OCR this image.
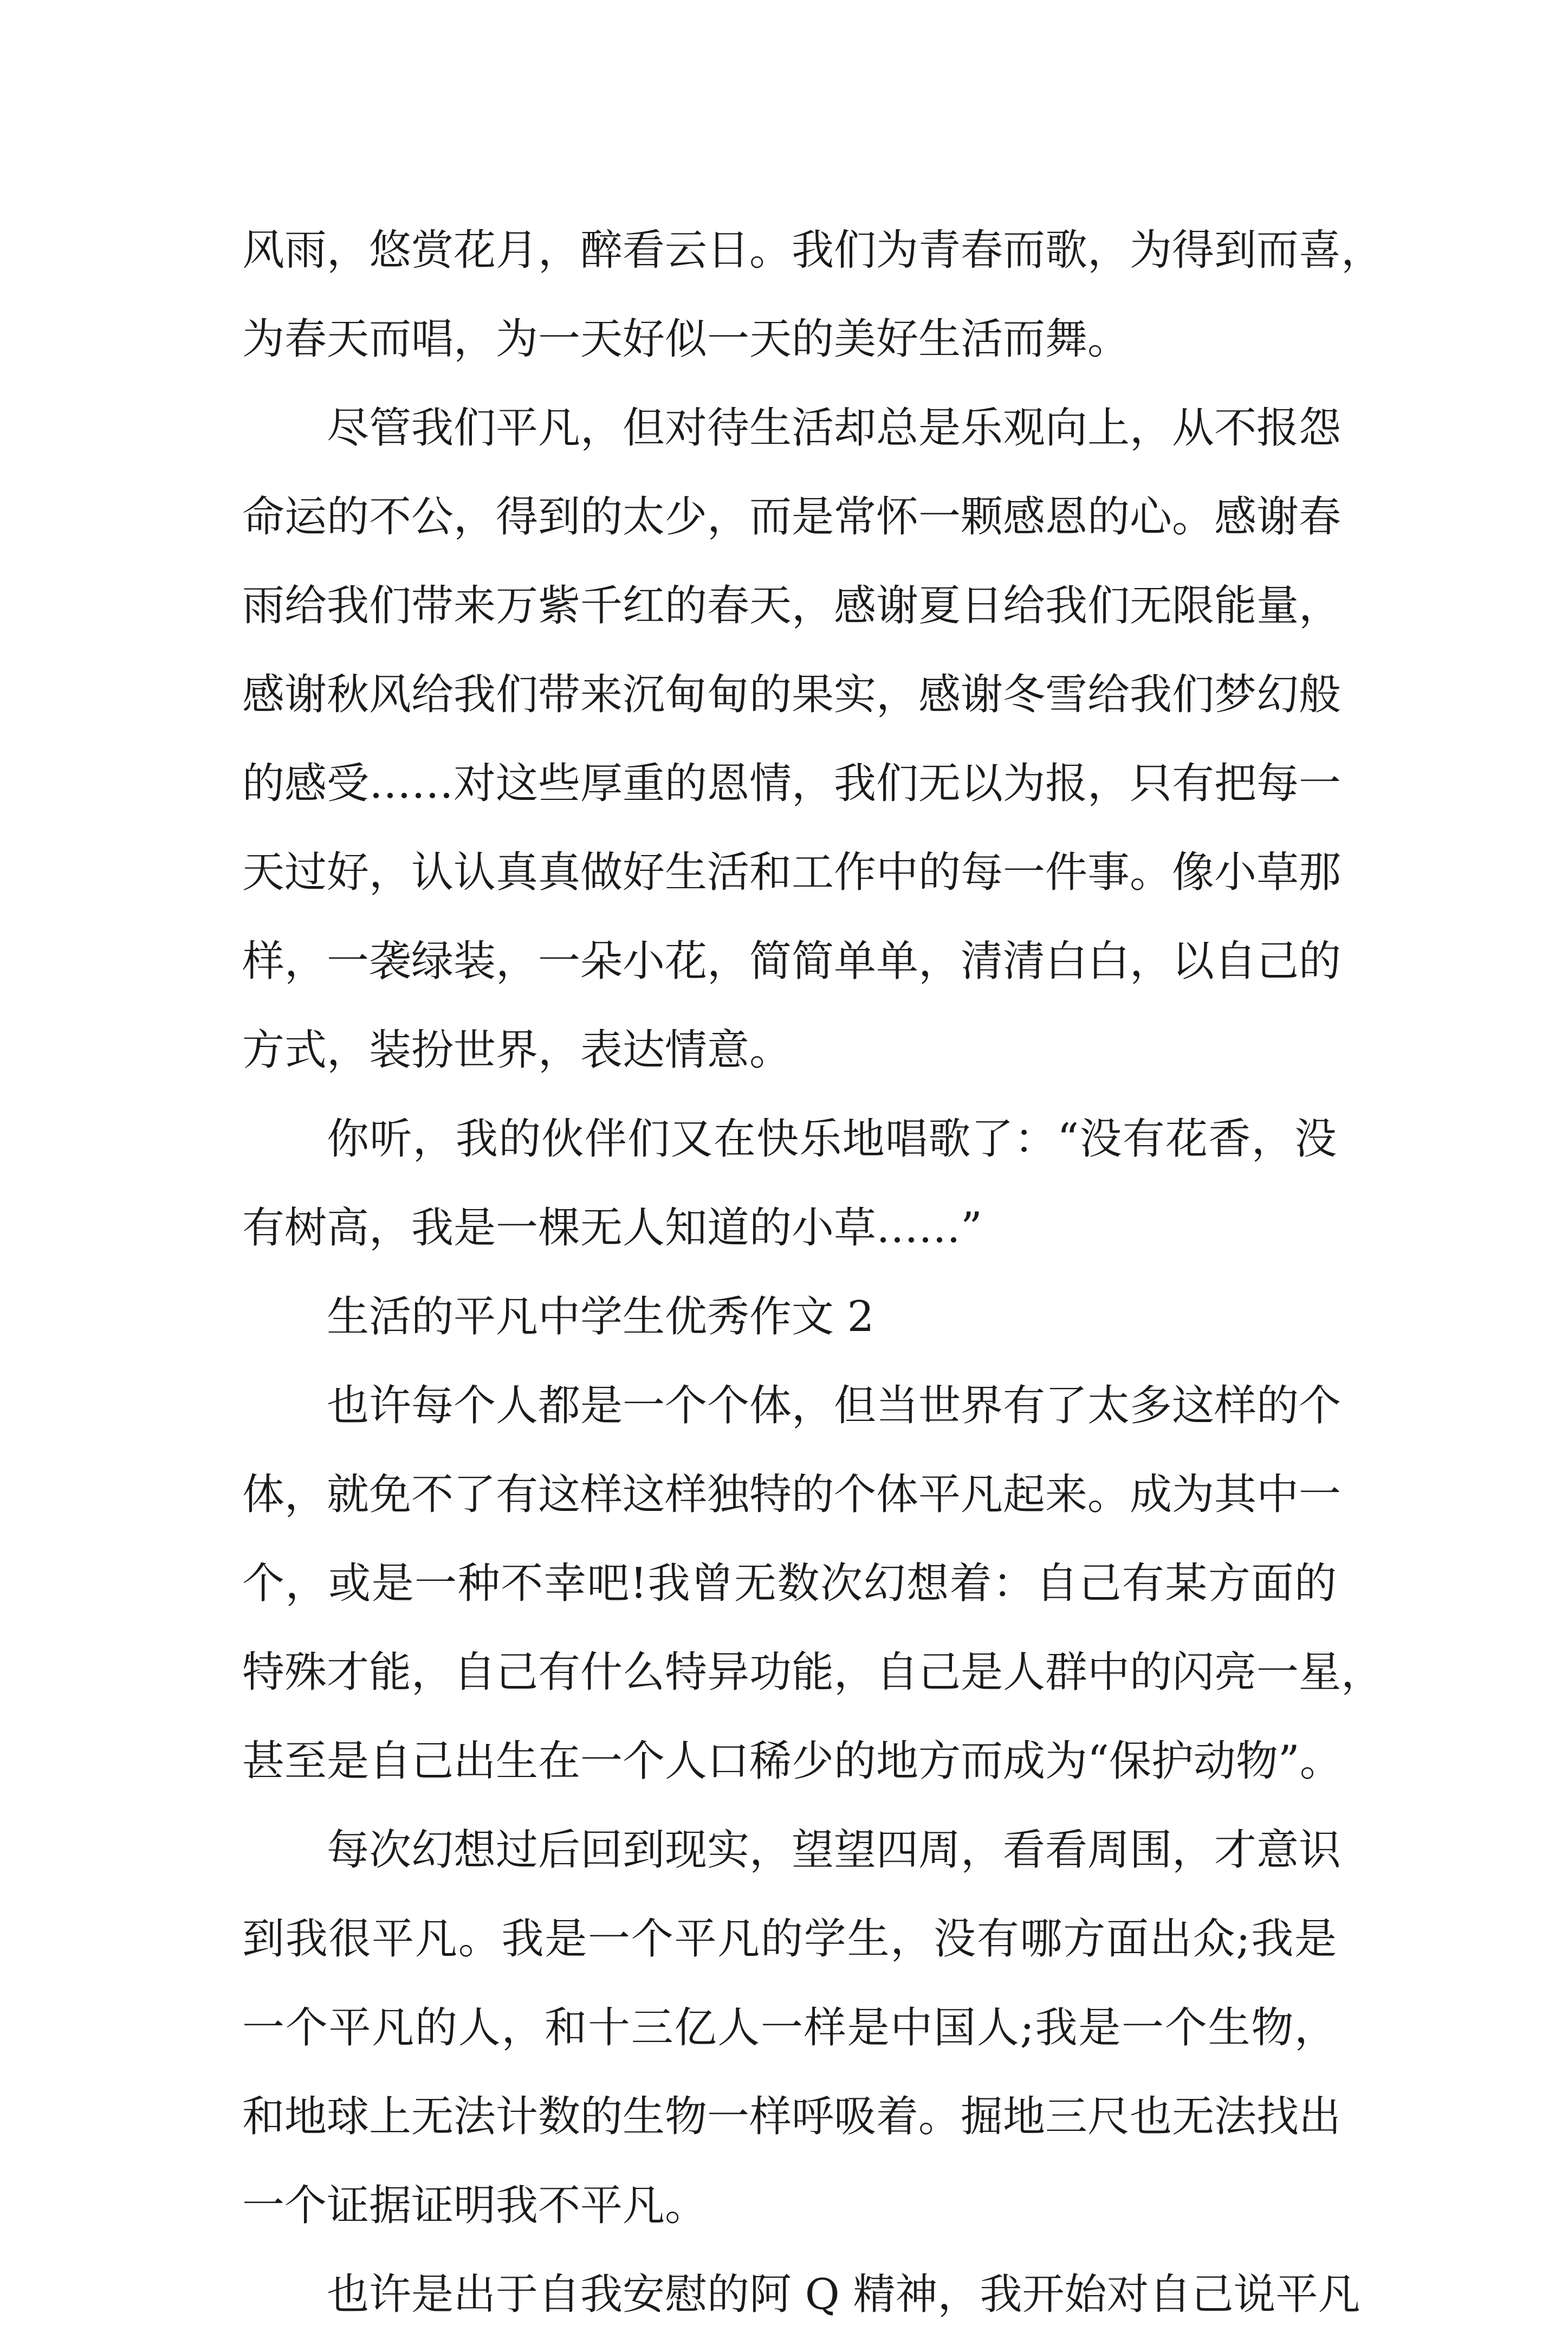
风雨，悠赏花月，醉看云日。我们为青春而歌，为得到而喜，
为春天而唱，为一天好似一天的美好生活而舞。
尽管我们平凡，但对待生活却总是乐观向上，从不报怨
命运的不公，得到的太少，而是常怀一颗感恩的心。感谢春
雨给我们带来万紫千红的春天，感谢夏日给我们无限能量，
感谢秋风给我们带来沉甸甸的果实，感谢冬雪给我们梦幻般
的感受……对这些厚重的恩情，我们无以为报，只有把每一
天过好，认认真真做好生活和工作中的每一件事。像小草那
样，一袭绿装，一朵小花，简简单单，清清白白，以自己的
方式，装扮世界，表达情意。
你听，我的伙伴们又在快乐地唱歌了：“没有花香，没
有树高，我是一棵无人知道的小草……”
生活的平凡中学生优秀作文 2
也许每个人都是一个个体，但当世界有了太多这样的个
体，就免不了有这样这样独特的个体平凡起来。成为其中一
个，或是一种不幸吧!我曾无数次幻想着：自己有某方面的
特殊才能，自己有什么特异功能，自己是人群中的闪亮一星，
甚至是自己出生在一个人口稀少的地方而成为“保护动物”。
每次幻想过后回到现实，望望四周，看看周围，才意识
到我很平凡。我是一个平凡的学生，没有哪方面出众;我是
一个平凡的人，和十三亿人一样是中国人;我是一个生物，
和地球上无法计数的生物一样呼吸着。掘地三尺也无法找出
一个证据证明我不平凡。
也许是出于自我安慰的阿 Q 精神，我开始对自己说平凡
